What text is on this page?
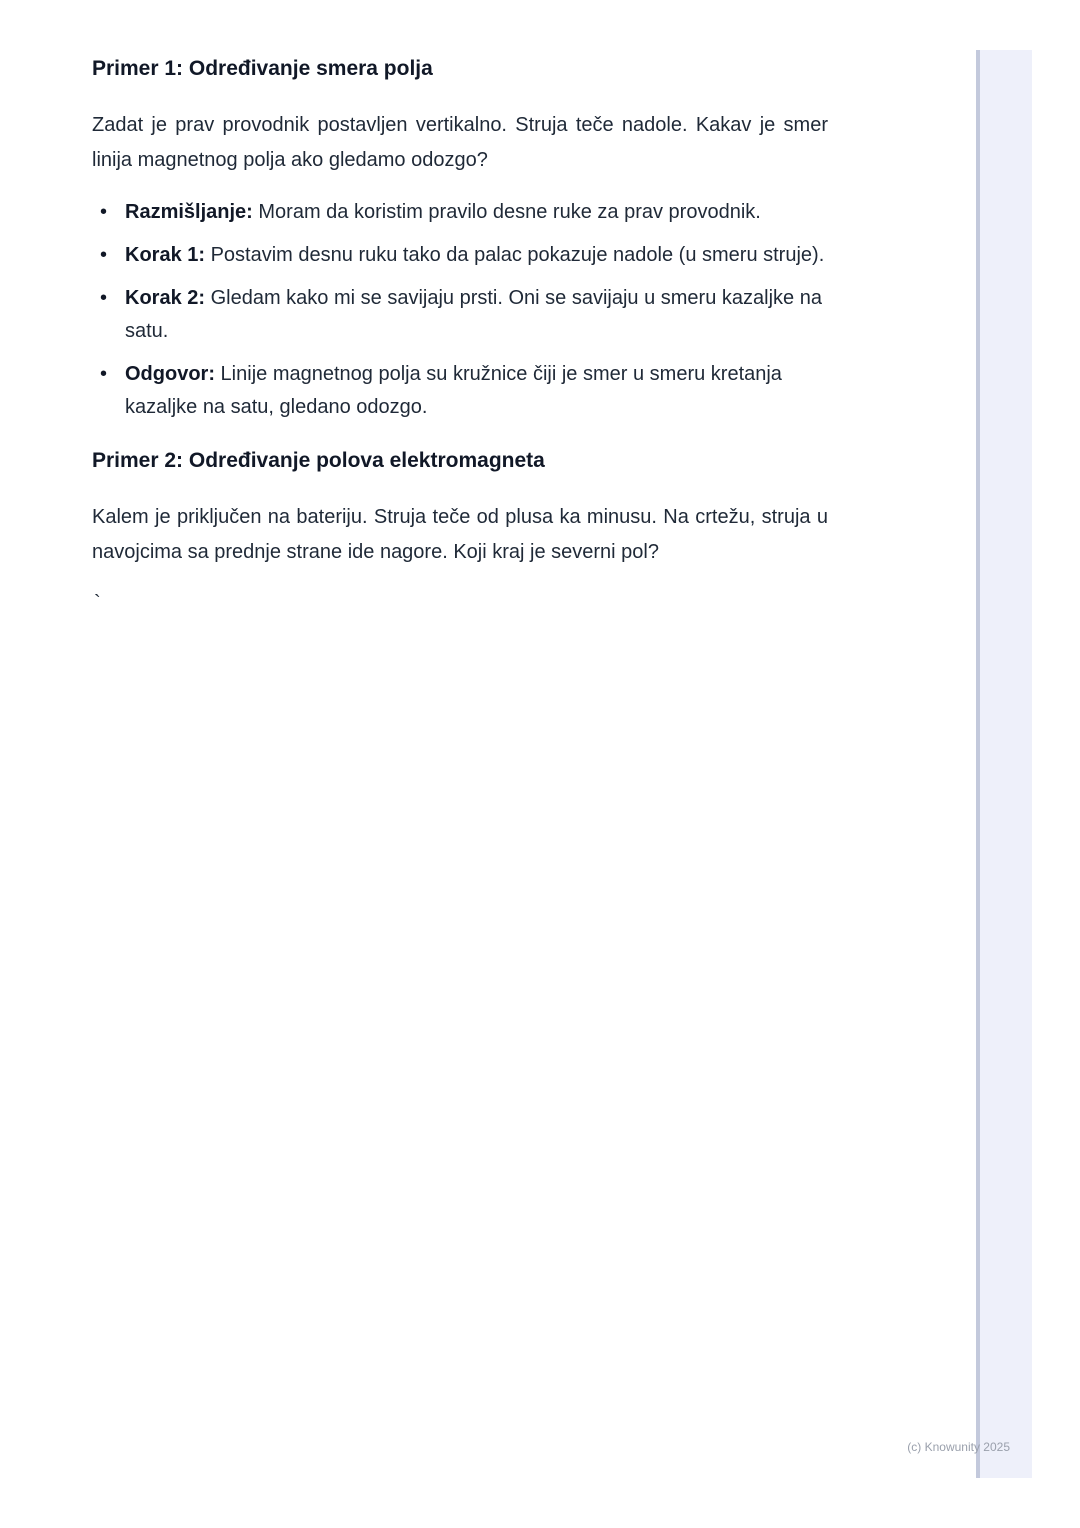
Primer 1: Određivanje smera polja

Zadat je prav provodnik postavljen vertikalno. Struja teče nadole. Kakav je smer linija magnetnog polja ako gledamo odozgo?

• Razmišljanje: Moram da koristim pravilo desne ruke za prav provodnik.
• Korak 1: Postavim desnu ruku tako da palac pokazuje nadole (u smeru struje).
• Korak 2: Gledam kako mi se savijaju prsti. Oni se savijaju u smeru kazaljke na satu.
• Odgovor: Linije magnetnog polja su kružnice čiji je smer u smeru kretanja kazaljke na satu, gledano odozgo.
Primer 2: Određivanje polova elektromagneta

Kalem je priključen na bateriju. Struja teče od plusa ka minusu. Na crtežu, struja u navojcima sa prednje strane ide nagore. Koji kraj je severni pol?

`
(c) Knowunity 2025
